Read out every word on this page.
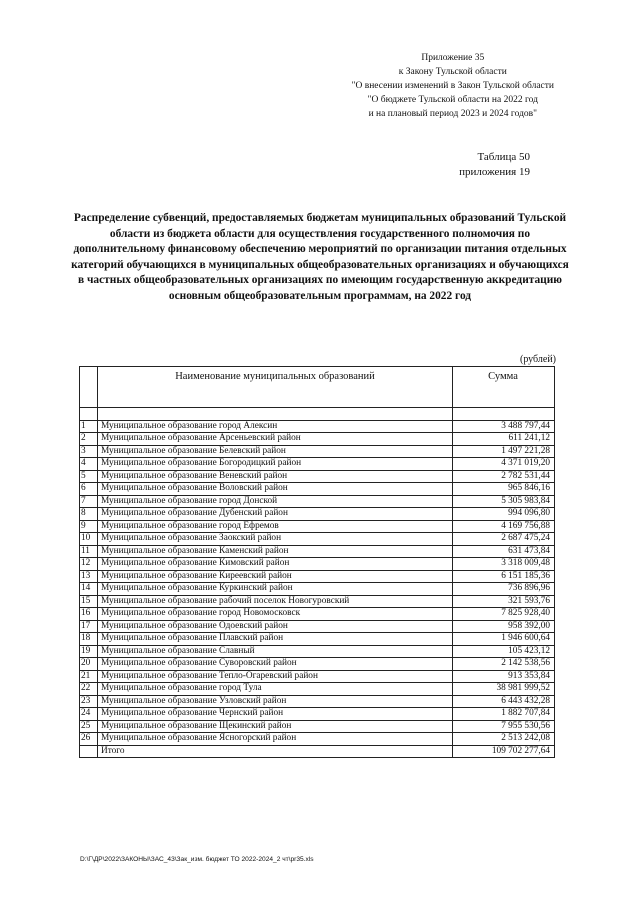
Приложение 35
к Закону Тульской области
"О внесении изменений в Закон Тульской области
"О бюджете Тульской области на 2022 год
и на плановый период 2023 и 2024 годов"
Таблица 50
приложения 19
Распределение субвенций, предоставляемых бюджетам муниципальных образований Тульской области из бюджета области для осуществления государственного полномочия по дополнительному финансовому обеспечению мероприятий по организации питания отдельных категорий обучающихся в муниципальных общеобразовательных организациях и обучающихся в частных общеобразовательных организациях по имеющим государственную аккредитацию основным общеобразовательным программам, на 2022 год
(рублей)
	Наименование муниципальных образований	Сумма

1	Муниципальное образование город Алексин	3 488 797,44
2	Муниципальное образование Арсеньевский район	611 241,12
3	Муниципальное образование Белевский район	1 497 221,28
4	Муниципальное образование Богородицкий район	4 371 019,20
5	Муниципальное образование Веневский район	2 782 531,44
6	Муниципальное образование Воловский район	965 846,16
7	Муниципальное образование город Донской	5 305 983,84
8	Муниципальное образование Дубенский район	994 096,80
9	Муниципальное образование город Ефремов	4 169 756,88
10	Муниципальное образование Заокский район	2 687 475,24
11	Муниципальное образование Каменский район	631 473,84
12	Муниципальное образование Кимовский район	3 318 009,48
13	Муниципальное образование Киреевский район	6 151 185,36
14	Муниципальное образование Куркинский район	736 896,96
15	Муниципальное образование рабочий поселок Новогуровский	321 593,76
16	Муниципальное образование город Новомосковск	7 825 928,40
17	Муниципальное образование Одоевский район	958 392,00
18	Муниципальное образование Плавский район	1 946 600,64
19	Муниципальное образование Славный	105 423,12
20	Муниципальное образование Суворовский район	2 142 538,56
21	Муниципальное образование Тепло-Огаревский район	913 353,84
22	Муниципальное образование город Тула	38 981 999,52
23	Муниципальное образование Узловский район	6 443 432,28
24	Муниципальное образование Чернский район	1 882 707,84
25	Муниципальное образование Щекинский район	7 955 530,56
26	Муниципальное образование Ясногорский район	2 513 242,08
	Итого	109 702 277,64
D:\Г\ДР\2022\ЗАКОНЫ\ЗАС_43\Зак_изм. бюджет ТО 2022-2024_2 чт\pr35.xls
